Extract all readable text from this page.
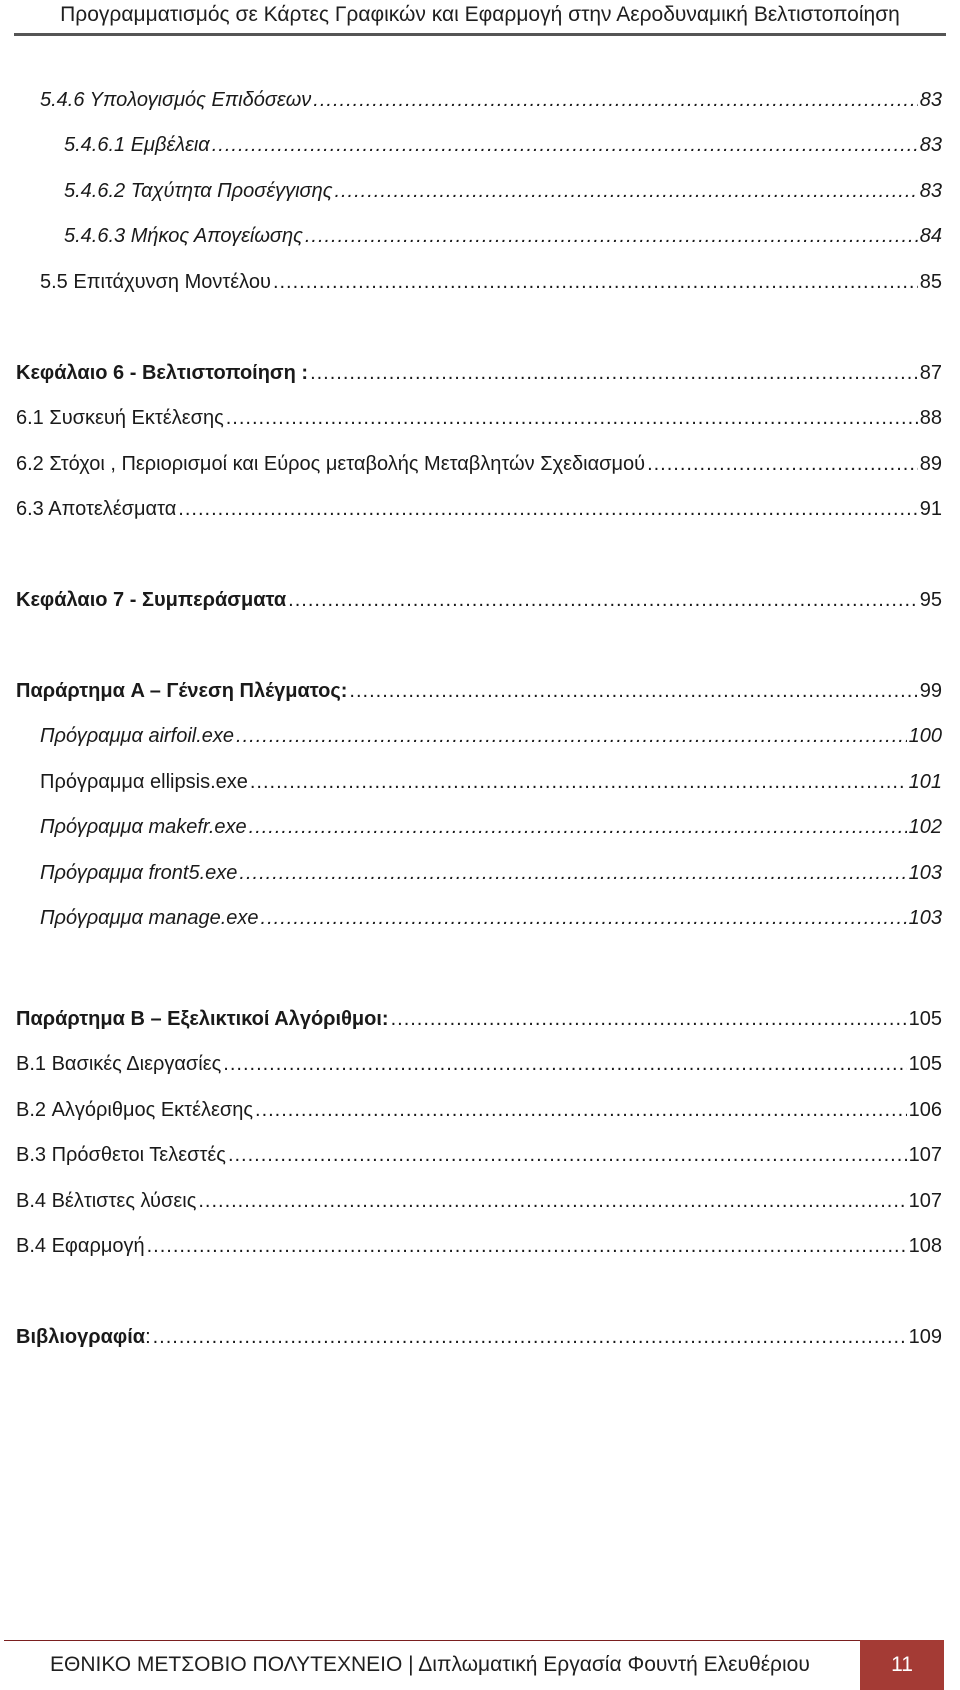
Προγραμματισμός σε Κάρτες Γραφικών και Εφαρμογή στην Αεροδυναμική Βελτιστοποίηση
5.4.6 Υπολογισμός Επιδόσεων .....	83
5.4.6.1 Εμβέλεια .....	83
5.4.6.2 Ταχύτητα Προσέγγισης .....	83
5.4.6.3 Μήκος Απογείωσης .....	84
5.5 Επιτάχυνση Μοντέλου .....	85
Κεφάλαιο 6 - Βελτιστοποίηση : .....	87
6.1 Συσκευή Εκτέλεσης .....	88
6.2 Στόχοι , Περιορισμοί και Εύρος μεταβολής Μεταβλητών Σχεδιασμού .....	89
6.3 Αποτελέσματα .....	91
Κεφάλαιο 7 - Συμπεράσματα .....	95
Παράρτημα A – Γένεση Πλέγματος: .....	99
Πρόγραμμα airfoil.exe .....	100
Πρόγραμμα ellipsis.exe .....	101
Πρόγραμμα makefr.exe .....	102
Πρόγραμμα front5.exe .....	103
Πρόγραμμα manage.exe .....	103
Παράρτημα B – Εξελικτικοί Αλγόριθμοι: .....	105
B.1 Βασικές Διεργασίες .....	105
B.2 Αλγόριθμος Εκτέλεσης .....	106
B.3 Πρόσθετοι Τελεστές .....	107
B.4 Βέλτιστες λύσεις .....	107
B.4 Εφαρμογή .....	108
Βιβλιογραφία : .....	109
ΕΘΝΙΚΟ ΜΕΤΣΟΒΙΟ ΠΟΛΥΤΕΧΝΕΙΟ | Διπλωματική Εργασία Φουντή Ελευθέριου	11
